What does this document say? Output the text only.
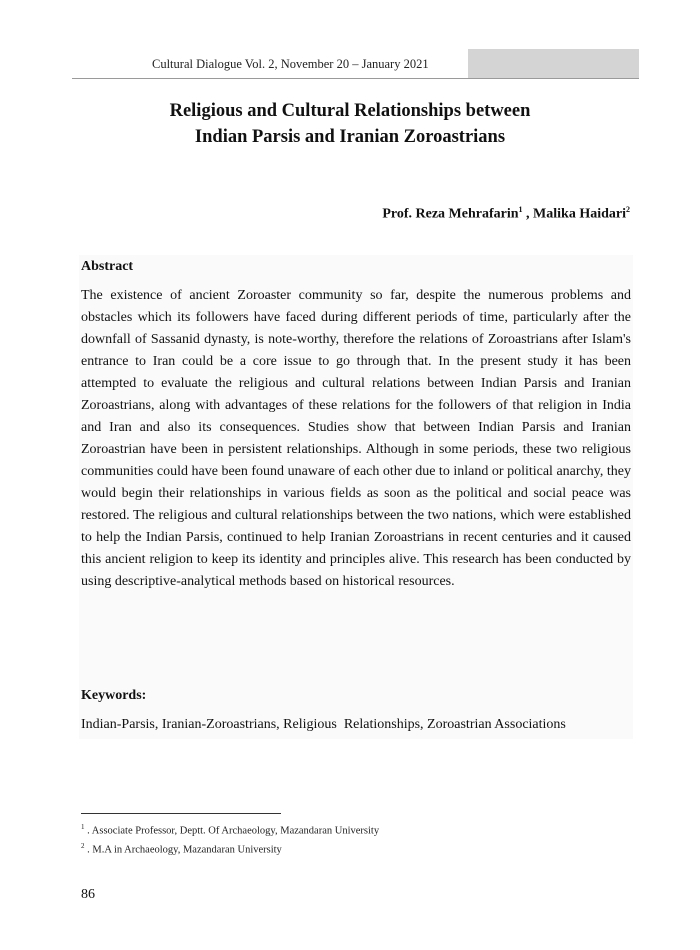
Cultural Dialogue Vol. 2, November 20 – January 2021
Religious and Cultural Relationships between
Indian Parsis and Iranian Zoroastrians
Prof. Reza Mehrafarin$^1$ , Malika Haidari$^2$
Abstract

The existence of ancient Zoroaster community so far, despite the numerous problems and obstacles which its followers have faced during different periods of time, particularly after the downfall of Sassanid dynasty, is note-worthy, therefore the relations of Zoroastrians after Islam's entrance to Iran could be a core issue to go through that. In the present study it has been attempted to evaluate the religious and cultural relations between Indian Parsis and Iranian Zoroastrians, along with advantages of these relations for the followers of that religion in India and Iran and also its consequences. Studies show that between Indian Parsis and Iranian Zoroastrian have been in persistent relationships. Although in some periods, these two religious communities could have been found unaware of each other due to inland or political anarchy, they would begin their relationships in various fields as soon as the political and social peace was restored. The religious and cultural relationships between the two nations, which were established to help the Indian Parsis, continued to help Iranian Zoroastrians in recent centuries and it caused this ancient religion to keep its identity and principles alive. This research has been conducted by using descriptive-analytical methods based on historical resources.

Keywords:

Indian-Parsis, Iranian-Zoroastrians, Religious  Relationships, Zoroastrian Associations

$^1$ . Associate Professor, Deptt. Of Archaeology, Mazandaran University
$^2$ . M.A in Archaeology, Mazandaran University
86
